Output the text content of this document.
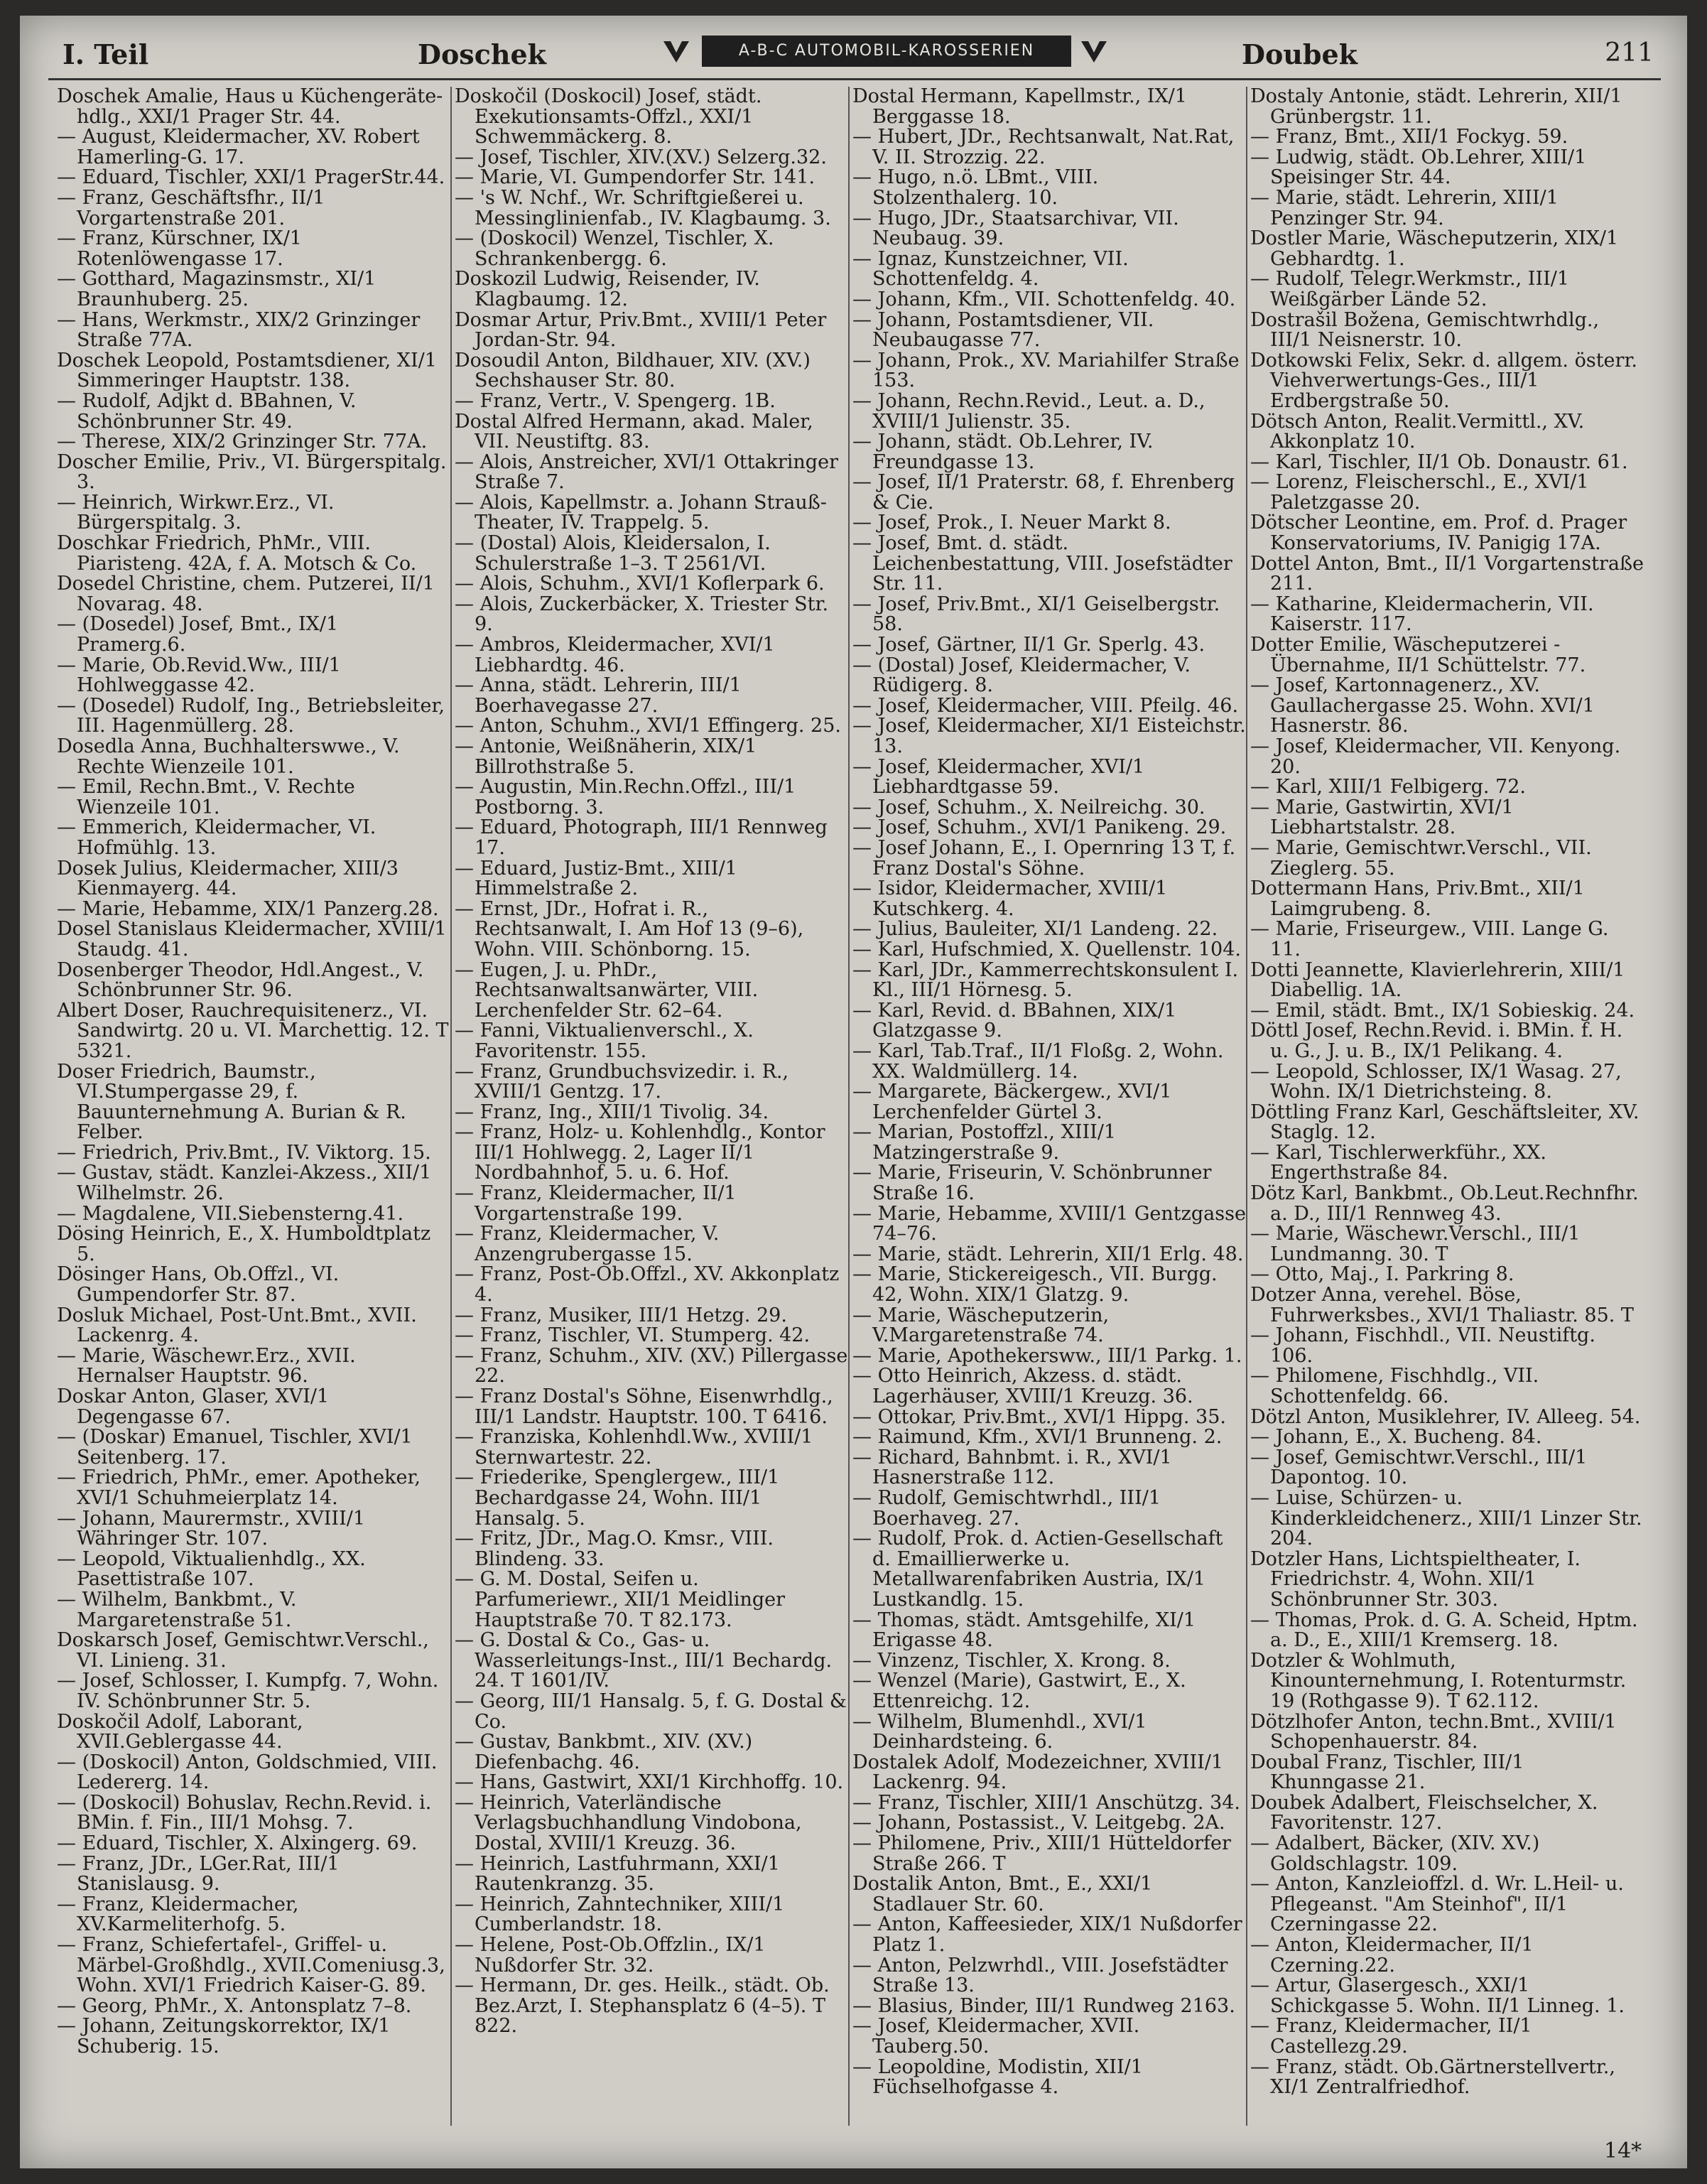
I. Teil	Doschek	A-B-C AUTOMOBIL-KAROSSERIEN	Doubek	211

Doschek Amalie, Haus u Küchengeräte-hdlg., XXI/1 Prager Str. 44.

— August, Kleidermacher, XV. Robert Hamerling-G. 17.

— Eduard, Tischler, XXI/1 PragerStr.44.

— Franz, Geschäftsfhr., II/1 Vorgartenstraße 201.

— Franz, Kürschner, IX/1 Rotenlöwengasse 17.

— Gotthard, Magazinsmstr., XI/1 Braunhuberg. 25.

— Hans, Werkmstr., XIX/2 Grinzinger Straße 77A.

Doschek Leopold, Postamtsdiener, XI/1 Simmeringer Hauptstr. 138.

— Rudolf, Adjkt d. BBahnen, V. Schönbrunner Str. 49.

— Therese, XIX/2 Grinzinger Str. 77A.

Doscher Emilie, Priv., VI. Bürgerspitalg. 3.

— Heinrich, Wirkwr.Erz., VI. Bürgerspitalg. 3.

Doschkar Friedrich, PhMr., VIII. Piaristeng. 42A, f. A. Motsch & Co.

Dosedel Christine, chem. Putzerei, II/1 Novarag. 48.

— (Dosedel) Josef, Bmt., IX/1 Pramerg.6.

— Marie, Ob.Revid.Ww., III/1 Hohlweggasse 42.

— (Dosedel) Rudolf, Ing., Betriebsleiter, III. Hagenmüllerg. 28.

Dosedla Anna, Buchhalterswwe., V. Rechte Wienzeile 101.

— Emil, Rechn.Bmt., V. Rechte Wienzeile 101.

— Emmerich, Kleidermacher, VI. Hofmühlg. 13.

Dosek Julius, Kleidermacher, XIII/3 Kienmayerg. 44.

— Marie, Hebamme, XIX/1 Panzerg.28.

Dosel Stanislaus Kleidermacher, XVIII/1 Staudg. 41.

Dosenberger Theodor, Hdl.Angest., V. Schönbrunner Str. 96.

Albert Doser, Rauchrequisitenerz., VI. Sandwirtg. 20 u. VI. Marchettig. 12. T 5321.

Doser Friedrich, Baumstr., VI.Stumpergasse 29, f. Bauunternehmung A. Burian & R. Felber.

— Friedrich, Priv.Bmt., IV. Viktorg. 15.

— Gustav, städt. Kanzlei-Akzess., XII/1 Wilhelmstr. 26.

— Magdalene, VII.Siebensterng.41.

Dösing Heinrich, E., X. Humboldtplatz 5.

Dösinger Hans, Ob.Offzl., VI. Gumpendorfer Str. 87.

Dosluk Michael, Post-Unt.Bmt., XVII. Lackenrg. 4.

— Marie, Wäschewr.Erz., XVII. Hernalser Hauptstr. 96.

Doskar Anton, Glaser, XVI/1 Degengasse 67.

— (Doskar) Emanuel, Tischler, XVI/1 Seitenberg. 17.

— Friedrich, PhMr., emer. Apotheker, XVI/1 Schuhmeierplatz 14.

— Johann, Maurermstr., XVIII/1 Währinger Str. 107.

— Leopold, Viktualienhdlg., XX. Pasettistraße 107.

— Wilhelm, Bankbmt., V. Margaretenstraße 51.

Doskarsch Josef, Gemischtwr.Verschl., VI. Linieng. 31.

— Josef, Schlosser, I. Kumpfg. 7, Wohn. IV. Schönbrunner Str. 5.

Doskočil Adolf, Laborant, XVII.Geblergasse 44.

— (Doskocil) Anton, Goldschmied, VIII. Ledererg. 14.

— (Doskocil) Bohuslav, Rechn.Revid. i. BMin. f. Fin., III/1 Mohsg. 7.

— Eduard, Tischler, X. Alxingerg. 69.

— Franz, JDr., LGer.Rat, III/1 Stanislausg. 9.

— Franz, Kleidermacher, XV.Karmeliterhofg. 5.

— Franz, Schiefertafel-, Griffel- u. Märbel-Großhdlg., XVII.Comeniusg.3, Wohn. XVI/1 Friedrich Kaiser-G. 89.

— Georg, PhMr., X. Antonsplatz 7–8.

— Johann, Zeitungskorrektor, IX/1 Schuberig. 15.

Doskočil (Doskocil) Josef, städt. Exekutionsamts-Offzl., XXI/1 Schwemmäckerg. 8.

— Josef, Tischler, XIV.(XV.) Selzerg.32.

— Marie, VI. Gumpendorfer Str. 141.

— 's W. Nchf., Wr. Schriftgießerei u. Messinglinienfab., IV. Klagbaumg. 3.

— (Doskocil) Wenzel, Tischler, X. Schrankenbergg. 6.

Doskozil Ludwig, Reisender, IV. Klagbaumg. 12.

Dosmar Artur, Priv.Bmt., XVIII/1 Peter Jordan-Str. 94.

Dosoudil Anton, Bildhauer, XIV. (XV.) Sechshauser Str. 80.

— Franz, Vertr., V. Spengerg. 1B.

Dostal Alfred Hermann, akad. Maler, VII. Neustiftg. 83.

— Alois, Anstreicher, XVI/1 Ottakringer Straße 7.

— Alois, Kapellmstr. a. Johann Strauß-Theater, IV. Trappelg. 5.

— (Dostal) Alois, Kleidersalon, I. Schulerstraße 1–3. T 2561/VI.

— Alois, Schuhm., XVI/1 Koflerpark 6.

— Alois, Zuckerbäcker, X. Triester Str. 9.

— Ambros, Kleidermacher, XVI/1 Liebhardtg. 46.

— Anna, städt. Lehrerin, III/1 Boerhavegasse 27.

— Anton, Schuhm., XVI/1 Effingerg. 25.

— Antonie, Weißnäherin, XIX/1 Billrothstraße 5.

— Augustin, Min.Rechn.Offzl., III/1 Postborng. 3.

— Eduard, Photograph, III/1 Rennweg 17.

— Eduard, Justiz-Bmt., XIII/1 Himmelstraße 2.

— Ernst, JDr., Hofrat i. R., Rechtsanwalt, I. Am Hof 13 (9–6), Wohn. VIII. Schönborng. 15.

— Eugen, J. u. PhDr., Rechtsanwaltsanwärter, VIII. Lerchenfelder Str. 62–64.

— Fanni, Viktualienverschl., X. Favoritenstr. 155.

— Franz, Grundbuchsvizedir. i. R., XVIII/1 Gentzg. 17.

— Franz, Ing., XIII/1 Tivolig. 34.

— Franz, Holz- u. Kohlenhdlg., Kontor III/1 Hohlwegg. 2, Lager II/1 Nordbahnhof, 5. u. 6. Hof.

— Franz, Kleidermacher, II/1 Vorgartenstraße 199.

— Franz, Kleidermacher, V. Anzengrubergasse 15.

— Franz, Post-Ob.Offzl., XV. Akkonplatz 4.

— Franz, Musiker, III/1 Hetzg. 29.

— Franz, Tischler, VI. Stumperg. 42.

— Franz, Schuhm., XIV. (XV.) Pillergasse 22.

— Franz Dostal's Söhne, Eisenwrhdlg., III/1 Landstr. Hauptstr. 100. T 6416.

— Franziska, Kohlenhdl.Ww., XVIII/1 Sternwartestr. 22.

— Friederike, Spenglergew., III/1 Bechardgasse 24, Wohn. III/1 Hansalg. 5.

— Fritz, JDr., Mag.O. Kmsr., VIII. Blindeng. 33.

— G. M. Dostal, Seifen u. Parfumeriewr., XII/1 Meidlinger Hauptstraße 70. T 82.173.

— G. Dostal & Co., Gas- u. Wasserleitungs-Inst., III/1 Bechardg. 24. T 1601/IV.

— Georg, III/1 Hansalg. 5, f. G. Dostal & Co.

— Gustav, Bankbmt., XIV. (XV.) Diefenbachg. 46.

— Hans, Gastwirt, XXI/1 Kirchhoffg. 10.

— Heinrich, Vaterländische Verlagsbuchhandlung Vindobona, Dostal, XVIII/1 Kreuzg. 36.

— Heinrich, Lastfuhrmann, XXI/1 Rautenkranzg. 35.

— Heinrich, Zahntechniker, XIII/1 Cumberlandstr. 18.

— Helene, Post-Ob.Offzlin., IX/1 Nußdorfer Str. 32.

— Hermann, Dr. ges. Heilk., städt. Ob. Bez.Arzt, I. Stephansplatz 6 (4–5). T 822.

Dostal Hermann, Kapellmstr., IX/1 Berggasse 18.

— Hubert, JDr., Rechtsanwalt, Nat.Rat, V. II. Strozzig. 22.

— Hugo, n.ö. LBmt., VIII. Stolzenthalerg. 10.

— Hugo, JDr., Staatsarchivar, VII. Neubaug. 39.

— Ignaz, Kunstzeichner, VII. Schottenfeldg. 4.

— Johann, Kfm., VII. Schottenfeldg. 40.

— Johann, Postamtsdiener, VII. Neubaugasse 77.

— Johann, Prok., XV. Mariahilfer Straße 153.

— Johann, Rechn.Revid., Leut. a. D., XVIII/1 Julienstr. 35.

— Johann, städt. Ob.Lehrer, IV. Freundgasse 13.

— Josef, II/1 Praterstr. 68, f. Ehrenberg & Cie.

— Josef, Prok., I. Neuer Markt 8.

— Josef, Bmt. d. städt. Leichenbestattung, VIII. Josefstädter Str. 11.

— Josef, Priv.Bmt., XI/1 Geiselbergstr. 58.

— Josef, Gärtner, II/1 Gr. Sperlg. 43.

— (Dostal) Josef, Kleidermacher, V. Rüdigerg. 8.

— Josef, Kleidermacher, VIII. Pfeilg. 46.

— Josef, Kleidermacher, XI/1 Eisteichstr. 13.

— Josef, Kleidermacher, XVI/1 Liebhardtgasse 59.

— Josef, Schuhm., X. Neilreichg. 30.

— Josef, Schuhm., XVI/1 Panikeng. 29.

— Josef Johann, E., I. Opernring 13 T, f. Franz Dostal's Söhne.

— Isidor, Kleidermacher, XVIII/1 Kutschkerg. 4.

— Julius, Bauleiter, XI/1 Landeng. 22.

— Karl, Hufschmied, X. Quellenstr. 104.

— Karl, JDr., Kammerrechtskonsulent I. Kl., III/1 Hörnesg. 5.

— Karl, Revid. d. BBahnen, XIX/1 Glatzgasse 9.

— Karl, Tab.Traf., II/1 Floßg. 2, Wohn. XX. Waldmüllerg. 14.

— Margarete, Bäckergew., XVI/1 Lerchenfelder Gürtel 3.

— Marian, Postoffzl., XIII/1 Matzingerstraße 9.

— Marie, Friseurin, V. Schönbrunner Straße 16.

— Marie, Hebamme, XVIII/1 Gentzgasse 74–76.

— Marie, städt. Lehrerin, XII/1 Erlg. 48.

— Marie, Stickereigesch., VII. Burgg. 42, Wohn. XIX/1 Glatzg. 9.

— Marie, Wäscheputzerin, V.Margaretenstraße 74.

— Marie, Apothekersww., III/1 Parkg. 1.

— Otto Heinrich, Akzess. d. städt. Lagerhäuser, XVIII/1 Kreuzg. 36.

— Ottokar, Priv.Bmt., XVI/1 Hippg. 35.

— Raimund, Kfm., XVI/1 Brunneng. 2.

— Richard, Bahnbmt. i. R., XVI/1 Hasnerstraße 112.

— Rudolf, Gemischtwrhdl., III/1 Boerhaveg. 27.

— Rudolf, Prok. d. Actien-Gesellschaft d. Emaillierwerke u. Metallwarenfabriken Austria, IX/1 Lustkandlg. 15.

— Thomas, städt. Amtsgehilfe, XI/1 Erigasse 48.

— Vinzenz, Tischler, X. Krong. 8.

— Wenzel (Marie), Gastwirt, E., X. Ettenreichg. 12.

— Wilhelm, Blumenhdl., XVI/1 Deinhardsteing. 6.

Dostalek Adolf, Modezeichner, XVIII/1 Lackenrg. 94.

— Franz, Tischler, XIII/1 Anschützg. 34.

— Johann, Postassist., V. Leitgebg. 2A.

— Philomene, Priv., XIII/1 Hütteldorfer Straße 266. T

Dostalik Anton, Bmt., E., XXI/1 Stadlauer Str. 60.

— Anton, Kaffeesieder, XIX/1 Nußdorfer Platz 1.

— Anton, Pelzwrhdl., VIII. Josefstädter Straße 13.

— Blasius, Binder, III/1 Rundweg 2163.

— Josef, Kleidermacher, XVII. Tauberg.50.

— Leopoldine, Modistin, XII/1 Füchselhofgasse 4.

Dostaly Antonie, städt. Lehrerin, XII/1 Grünbergstr. 11.

— Franz, Bmt., XII/1 Fockyg. 59.

— Ludwig, städt. Ob.Lehrer, XIII/1 Speisinger Str. 44.

— Marie, städt. Lehrerin, XIII/1 Penzinger Str. 94.

Dostler Marie, Wäscheputzerin, XIX/1 Gebhardtg. 1.

— Rudolf, Telegr.Werkmstr., III/1 Weißgärber Lände 52.

Dostrašil Božena, Gemischtwrhdlg., III/1 Neisnerstr. 10.

Dotkowski Felix, Sekr. d. allgem. österr. Viehverwertungs-Ges., III/1 Erdbergstraße 50.

Dötsch Anton, Realit.Vermittl., XV. Akkonplatz 10.

— Karl, Tischler, II/1 Ob. Donaustr. 61.

— Lorenz, Fleischerschl., E., XVI/1 Paletzgasse 20.

Dötscher Leontine, em. Prof. d. Prager Konservatoriums, IV. Panigig 17A.

Dottel Anton, Bmt., II/1 Vorgartenstraße 211.

— Katharine, Kleidermacherin, VII. Kaiserstr. 117.

Dotter Emilie, Wäscheputzerei - Übernahme, II/1 Schüttelstr. 77.

— Josef, Kartonnagenerz., XV. Gaullachergasse 25. Wohn. XVI/1 Hasnerstr. 86.

— Josef, Kleidermacher, VII. Kenyong. 20.

— Karl, XIII/1 Felbigerg. 72.

— Marie, Gastwirtin, XVI/1 Liebhartstalstr. 28.

— Marie, Gemischtwr.Verschl., VII. Zieglerg. 55.

Dottermann Hans, Priv.Bmt., XII/1 Laimgrubeng. 8.

— Marie, Friseurgew., VIII. Lange G. 11.

Dotti Jeannette, Klavierlehrerin, XIII/1 Diabellig. 1A.

— Emil, städt. Bmt., IX/1 Sobieskig. 24.

Döttl Josef, Rechn.Revid. i. BMin. f. H. u. G., J. u. B., IX/1 Pelikang. 4.

— Leopold, Schlosser, IX/1 Wasag. 27, Wohn. IX/1 Dietrichsteing. 8.

Döttling Franz Karl, Geschäftsleiter, XV. Staglg. 12.

— Karl, Tischlerwerkführ., XX. Engerthstraße 84.

Dötz Karl, Bankbmt., Ob.Leut.Rechnfhr. a. D., III/1 Rennweg 43.

— Marie, Wäschewr.Verschl., III/1 Lundmanng. 30. T

— Otto, Maj., I. Parkring 8.

Dotzer Anna, verehel. Böse, Fuhrwerksbes., XVI/1 Thaliastr. 85. T

— Johann, Fischhdl., VII. Neustiftg. 106.

— Philomene, Fischhdlg., VII. Schottenfeldg. 66.

Dötzl Anton, Musiklehrer, IV. Alleeg. 54.

— Johann, E., X. Bucheng. 84.

— Josef, Gemischtwr.Verschl., III/1 Dapontog. 10.

— Luise, Schürzen- u. Kinderkleidchenerz., XIII/1 Linzer Str. 204.

Dotzler Hans, Lichtspieltheater, I. Friedrichstr. 4, Wohn. XII/1 Schönbrunner Str. 303.

— Thomas, Prok. d. G. A. Scheid, Hptm. a. D., E., XIII/1 Kremserg. 18.

Dotzler & Wohlmuth, Kinounternehmung, I. Rotenturmstr. 19 (Rothgasse 9). T 62.112.

Dötzlhofer Anton, techn.Bmt., XVIII/1 Schopenhauerstr. 84.

Doubal Franz, Tischler, III/1 Khunngasse 21.

Doubek Adalbert, Fleischselcher, X. Favoritenstr. 127.

— Adalbert, Bäcker, (XIV. XV.) Goldschlagstr. 109.

— Anton, Kanzleioffzl. d. Wr. L.Heil- u. Pflegeanst. "Am Steinhof", II/1 Czerningasse 22.

— Anton, Kleidermacher, II/1 Czerning.22.

— Artur, Glasergesch., XXI/1 Schickgasse 5. Wohn. II/1 Linneg. 1.

— Franz, Kleidermacher, II/1 Castellezg.29.

— Franz, städt. Ob.Gärtnerstellvertr., XI/1 Zentralfriedhof.

14*
